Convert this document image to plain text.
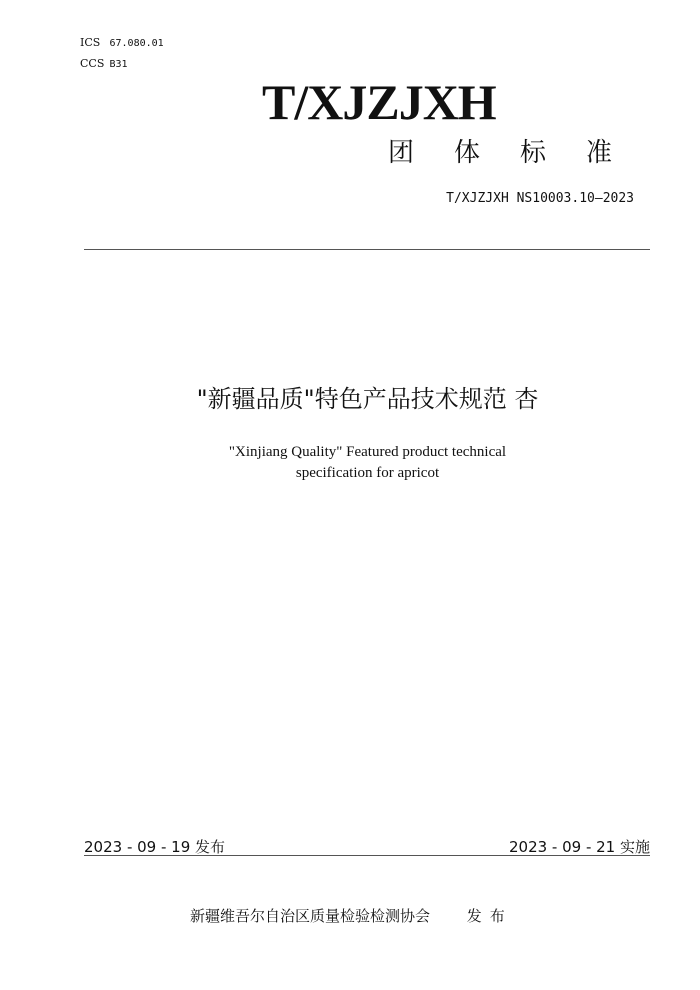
ICS 67.080.01
CCS B31
T/XJZJXH
团体标准
T/XJZJXH NS10003.10—2023
"新疆品质"特色产品技术规范 杏
"Xinjiang Quality" Featured product technical
specification for apricot
2023 - 09 - 19 发布	2023 - 09 - 21 实施
新疆维吾尔自治区质量检验检测协会 发布
